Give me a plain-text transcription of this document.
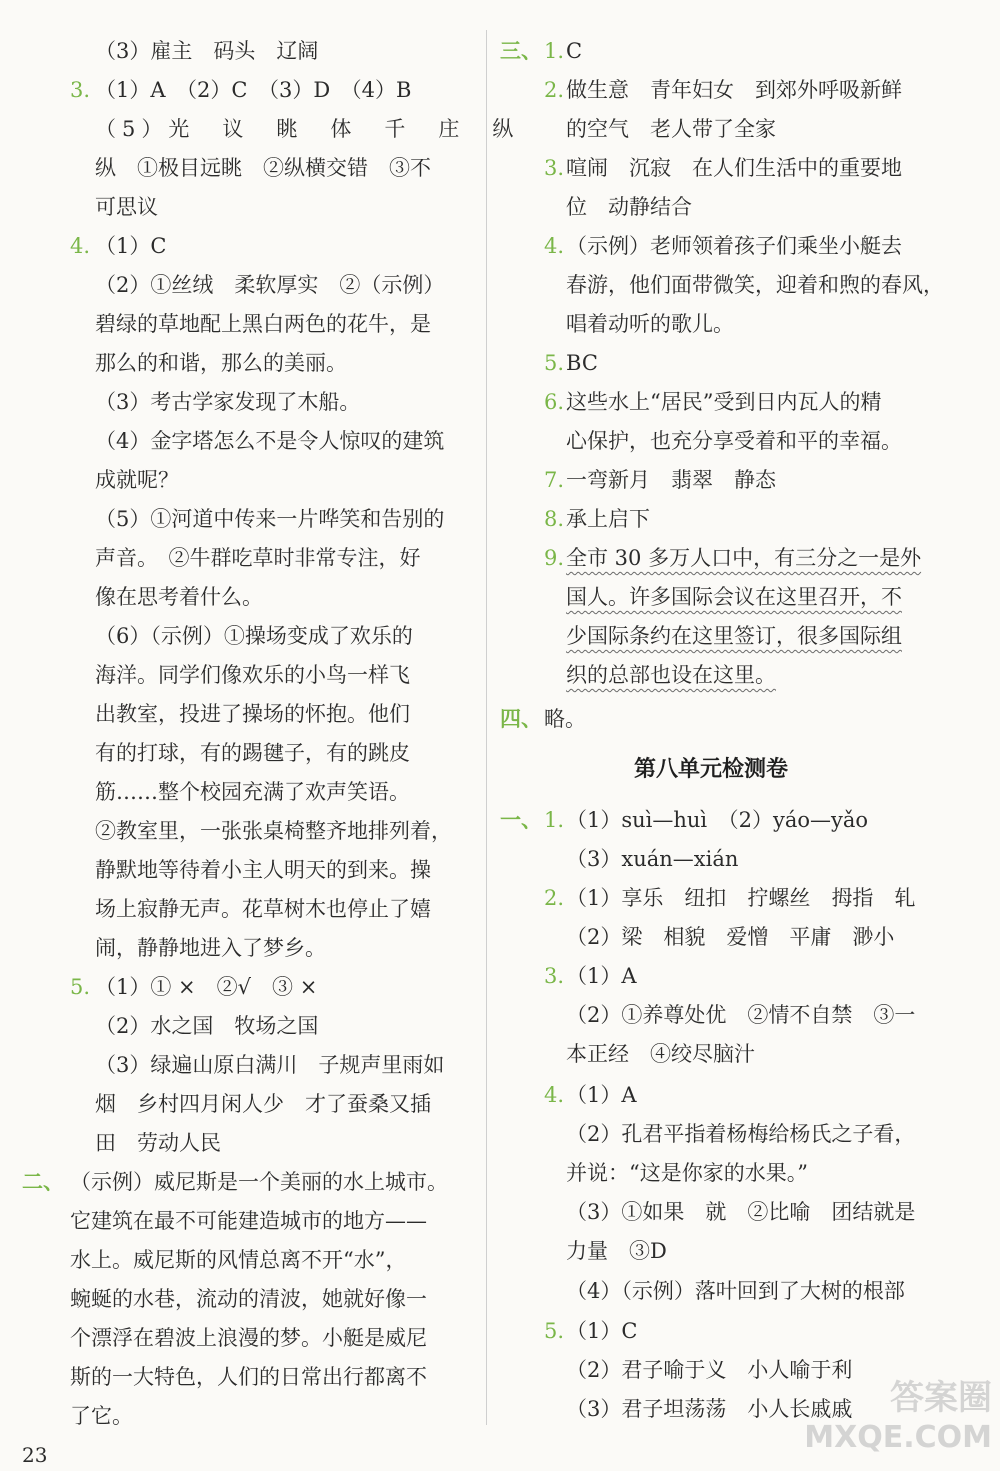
（3）雇主　码头　辽阔
3. （1）A　（2）C　（3）D　（4）B
（5）光　议　眺　体　千　庄　纵
纵　①极目远眺　②纵横交错　③不
可思议
4. （1）C
（2）①丝绒　柔软厚实　②（示例）
碧绿的草地配上黑白两色的花牛，是
那么的和谐，那么的美丽。
（3）考古学家发现了木船。
（4）金字塔怎么不是令人惊叹的建筑
成就呢？
（5）①河道中传来一片哗笑和告别的
声音。　②牛群吃草时非常专注，好
像在思考着什么。
（6）（示例）①操场变成了欢乐的
海洋。同学们像欢乐的小鸟一样飞
出教室，投进了操场的怀抱。他们
有的打球，有的踢毽子，有的跳皮
筋……整个校园充满了欢声笑语。
②教室里，一张张桌椅整齐地排列着，
静默地等待着小主人明天的到来。操
场上寂静无声。花草树木也停止了嬉
闹，静静地进入了梦乡。
5. （1）① ×　②√　③ ×
（2）水之国　牧场之国
（3）绿遍山原白满川　子规声里雨如
烟　乡村四月闲人少　才了蚕桑又插
田　劳动人民
二、 （示例）威尼斯是一个美丽的水上城市。
它建筑在最不可能建造城市的地方——
水上。威尼斯的风情总离不开“水”，
蜿蜒的水巷，流动的清波，她就好像一
个漂浮在碧波上浪漫的梦。小艇是威尼
斯的一大特色，人们的日常出行都离不
了它。
三、 1. C
2. 做生意　青年妇女　到郊外呼吸新鲜
的空气　老人带了全家
3. 喧闹　沉寂　在人们生活中的重要地
位　动静结合
4. （示例）老师领着孩子们乘坐小艇去
春游，他们面带微笑，迎着和煦的春风，
唱着动听的歌儿。
5. BC
6. 这些水上“居民”受到日内瓦人的精
心保护，也充分享受着和平的幸福。
7. 一弯新月　翡翠　静态
8. 承上启下
9. 全市 30 多万人口中，有三分之一是外
国人。许多国际会议在这里召开，不
少国际条约在这里签订，很多国际组
织的总部也设在这里。
四、 略。
第八单元检测卷
一、 1. （1）suì—huì　（2）yáo—yǎo
（3）xuán—xián
2. （1）享乐　纽扣　拧螺丝　拇指　轧
（2）梁　相貌　爱憎　平庸　渺小
3. （1）A
（2）①养尊处优　②情不自禁　③一
本正经　④绞尽脑汁
4. （1）A
（2）孔君平指着杨梅给杨氏之子看，
并说：“这是你家的水果。”
（3）①如果　就　②比喻　团结就是
力量　③D
（4）（示例）落叶回到了大树的根部
5. （1）C
（2）君子喻于义　小人喻于利
（3）君子坦荡荡　小人长戚戚
23
答案圈
MXQE.COM
